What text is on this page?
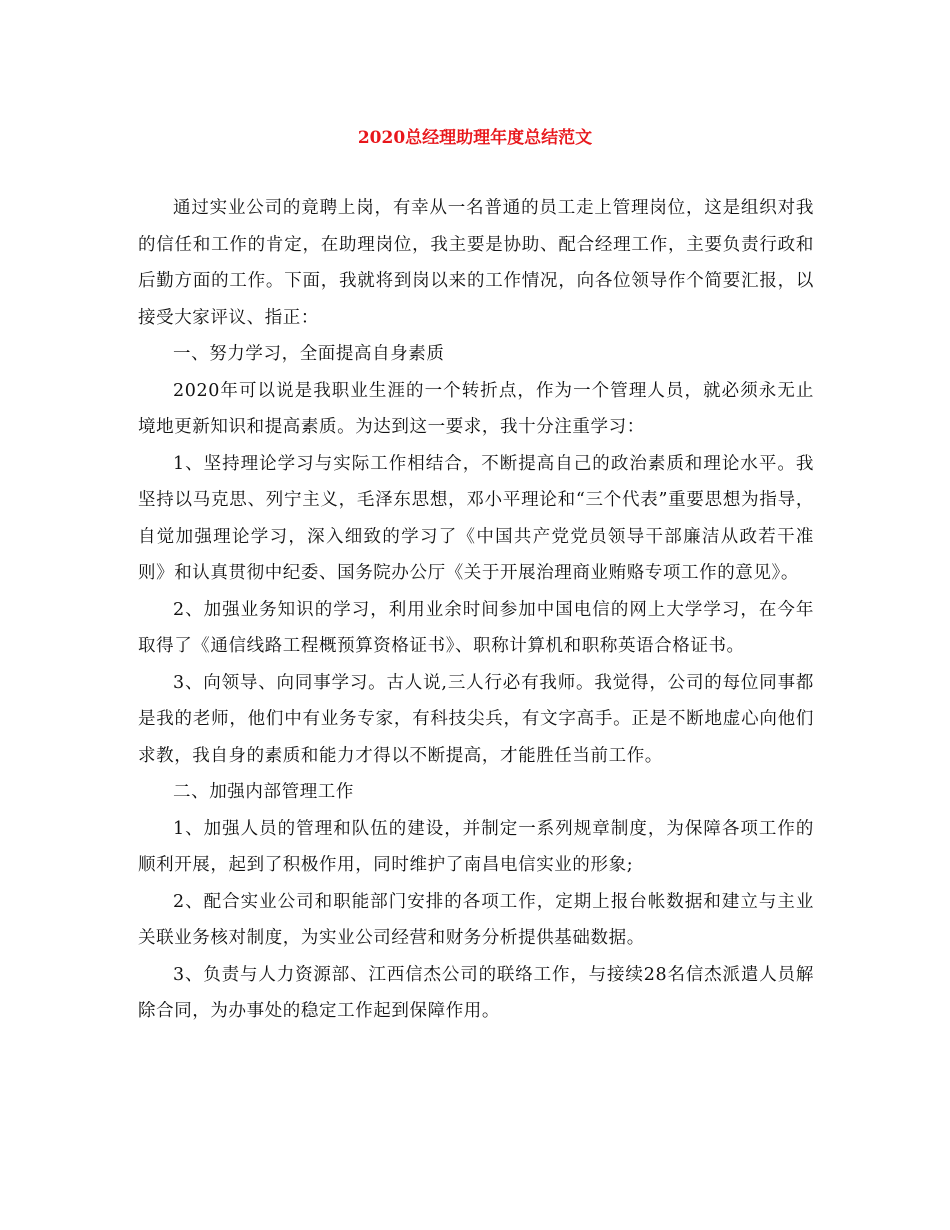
2020总经理助理年度总结范文

通过实业公司的竟聘上岗，有幸从一名普通的员工走上管理岗位，这是组织对我的信任和工作的肯定，在助理岗位，我主要是协助、配合经理工作，主要负责行政和后勤方面的工作。下面，我就将到岗以来的工作情况，向各位领导作个简要汇报，以接受大家评议、指正：

一、努力学习，全面提高自身素质

2020年可以说是我职业生涯的一个转折点，作为一个管理人员，就必须永无止境地更新知识和提高素质。为达到这一要求，我十分注重学习：

1、坚持理论学习与实际工作相结合，不断提高自己的政治素质和理论水平。我坚持以马克思、列宁主义，毛泽东思想，邓小平理论和“三个代表”重要思想为指导，自觉加强理论学习，深入细致的学习了《中国共产党党员领导干部廉洁从政若干准则》和认真贯彻中纪委、国务院办公厅《关于开展治理商业贿赂专项工作的意见》。

2、加强业务知识的学习，利用业余时间参加中国电信的网上大学学习，在今年取得了《通信线路工程概预算资格证书》、职称计算机和职称英语合格证书。

3、向领导、向同事学习。古人说,三人行必有我师。我觉得，公司的每位同事都是我的老师，他们中有业务专家，有科技尖兵，有文字高手。正是不断地虚心向他们求教，我自身的素质和能力才得以不断提高，才能胜任当前工作。

二、加强内部管理工作

1、加强人员的管理和队伍的建设，并制定一系列规章制度，为保障各项工作的顺利开展，起到了积极作用，同时维护了南昌电信实业的形象;

2、配合实业公司和职能部门安排的各项工作，定期上报台帐数据和建立与主业关联业务核对制度，为实业公司经营和财务分析提供基础数据。

3、负责与人力资源部、江西信杰公司的联络工作，与接续28名信杰派遣人员解除合同，为办事处的稳定工作起到保障作用。
